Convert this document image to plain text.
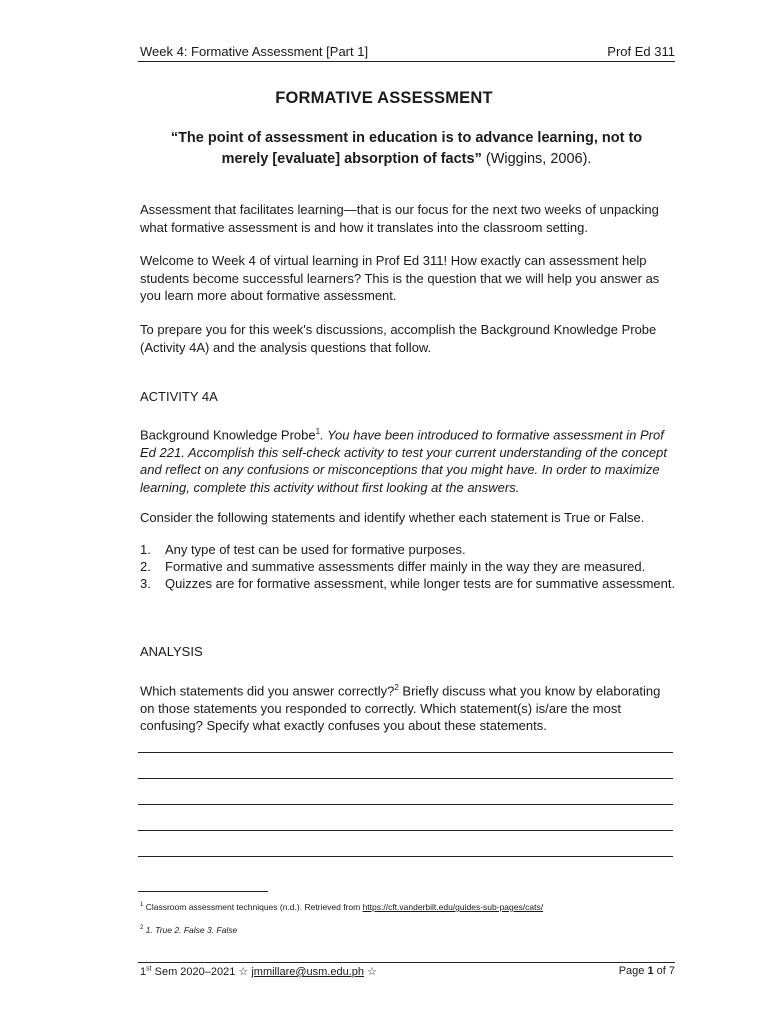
Week 4: Formative Assessment [Part 1]	Prof Ed 311
FORMATIVE ASSESSMENT
“The point of assessment in education is to advance learning, not to merely [evaluate] absorption of facts” (Wiggins, 2006).
Assessment that facilitates learning—that is our focus for the next two weeks of unpacking what formative assessment is and how it translates into the classroom setting.
Welcome to Week 4 of virtual learning in Prof Ed 311! How exactly can assessment help students become successful learners? This is the question that we will help you answer as you learn more about formative assessment.
To prepare you for this week's discussions, accomplish the Background Knowledge Probe (Activity 4A) and the analysis questions that follow.
ACTIVITY 4A
Background Knowledge Probe$^1$. You have been introduced to formative assessment in Prof Ed 221. Accomplish this self-check activity to test your current understanding of the concept and reflect on any confusions or misconceptions that you might have. In order to maximize learning, complete this activity without first looking at the answers.
Consider the following statements and identify whether each statement is True or False.
1. Any type of test can be used for formative purposes.
2. Formative and summative assessments differ mainly in the way they are measured.
3. Quizzes are for formative assessment, while longer tests are for summative assessment.
ANALYSIS
Which statements did you answer correctly?$^2$ Briefly discuss what you know by elaborating on those statements you responded to correctly. Which statement(s) is/are the most confusing? Specify what exactly confuses you about these statements.
$^1$ Classroom assessment techniques (n.d.). Retrieved from https://cft.vanderbilt.edu/guides-sub-pages/cats/
$^2$ 1. True 2. False 3. False
1st Sem 2020–2021 ☆ jmmillare@usm.edu.ph ☆	Page 1 of 7
